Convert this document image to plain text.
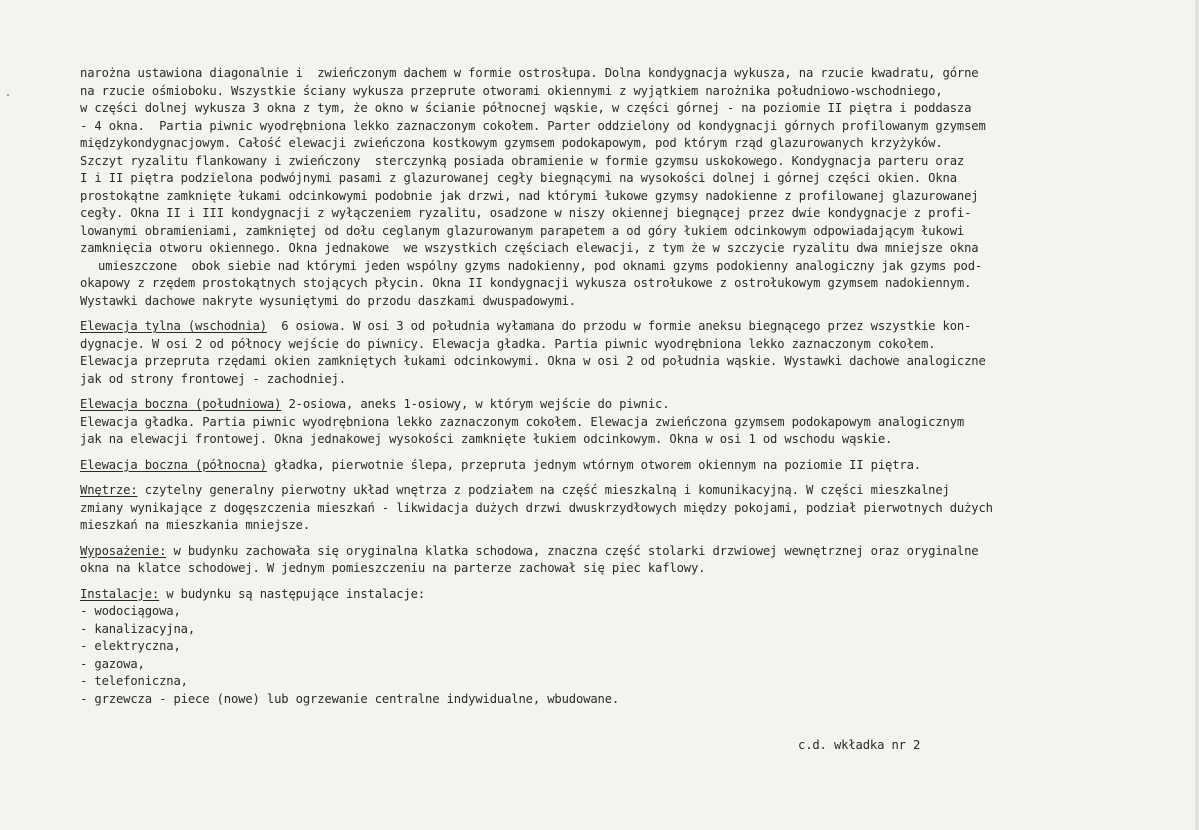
narożna ustawiona diagonalnie i  zwieńczonym dachem w formie ostrosłupa. Dolna kondygnacja wykusza, na rzucie kwadratu, górne
na rzucie ośmioboku. Wszystkie ściany wykusza przeprute otworami okiennymi z wyjątkiem narożnika południowo-wschodniego,
w części dolnej wykusza 3 okna z tym, że okno w ścianie północnej wąskie, w części górnej - na poziomie II piętra i poddasza
- 4 okna.  Partia piwnic wyodrębniona lekko zaznaczonym cokołem. Parter oddzielony od kondygnacji górnych profilowanym gzymsem
międzykondygnacjowym. Całość elewacji zwieńczona kostkowym gzymsem podokapowym, pod którym rząd glazurowanych krzyżyków.
Szczyt ryzalitu flankowany i zwieńczony  sterczynką posiada obramienie w formie gzymsu uskokowego. Kondygnacja parteru oraz
I i II piętra podzielona podwójnymi pasami z glazurowanej cegły biegnącymi na wysokości dolnej i górnej części okien. Okna
prostokątne zamknięte łukami odcinkowymi podobnie jak drzwi, nad którymi łukowe gzymsy nadokienne z profilowanej glazurowanej
cegły. Okna II i III kondygnacji z wyłączeniem ryzalitu, osadzone w niszy okiennej biegnącej przez dwie kondygnacje z profi-
lowanymi obramieniami, zamkniętej od dołu ceglanym glazurowanym parapetem a od góry łukiem odcinkowym odpowiadającym łukowi
zamknięcia otworu okiennego. Okna jednakowe  we wszystkich częściach elewacji, z tym że w szczycie ryzalitu dwa mniejsze okna
umieszczone  obok siebie nad którymi jeden wspólny gzyms nadokienny, pod oknami gzyms podokienny analogiczny jak gzyms pod-
okapowy z rzędem prostokątnych stojących płycin. Okna II kondygnacji wykusza ostrołukowe z ostrołukowym gzymsem nadokiennym.
Wystawki dachowe nakryte wysuniętymi do przodu daszkami dwuspadowymi.
Elewacja tylna (wschodnia)  6 osiowa. W osi 3 od południa wyłamana do przodu w formie aneksu biegnącego przez wszystkie kon-
dygnacje. W osi 2 od północy wejście do piwnicy. Elewacja gładka. Partia piwnic wyodrębniona lekko zaznaczonym cokołem.
Elewacja przepruta rzędami okien zamkniętych łukami odcinkowymi. Okna w osi 2 od południa wąskie. Wystawki dachowe analogiczne
jak od strony frontowej - zachodniej.
Elewacja boczna (południowa) 2-osiowa, aneks 1-osiowy, w którym wejście do piwnic.
Elewacja gładka. Partia piwnic wyodrębniona lekko zaznaczonym cokołem. Elewacja zwieńczona gzymsem podokapowym analogicznym
jak na elewacji frontowej. Okna jednakowej wysokości zamknięte łukiem odcinkowym. Okna w osi 1 od wschodu wąskie.
Elewacja boczna (północna) gładka, pierwotnie ślepa, przepruta jednym wtórnym otworem okiennym na poziomie II piętra.
Wnętrze: czytelny generalny pierwotny układ wnętrza z podziałem na część mieszkalną i komunikacyjną. W części mieszkalnej
zmiany wynikające z dogęszczenia mieszkań - likwidacja dużych drzwi dwuskrzydłowych między pokojami, podział pierwotnych dużych
mieszkań na mieszkania mniejsze.
Wyposażenie: w budynku zachowała się oryginalna klatka schodowa, znaczna część stolarki drzwiowej wewnętrznej oraz oryginalne
okna na klatce schodowej. W jednym pomieszczeniu na parterze zachował się piec kaflowy.
Instalacje: w budynku są następujące instalacje:
- wodociągowa,
- kanalizacyjna,
- elektryczna,
- gazowa,
- telefoniczna,
- grzewcza - piece (nowe) lub ogrzewanie centralne indywidualne, wbudowane.
c.d. wkładka nr 2
